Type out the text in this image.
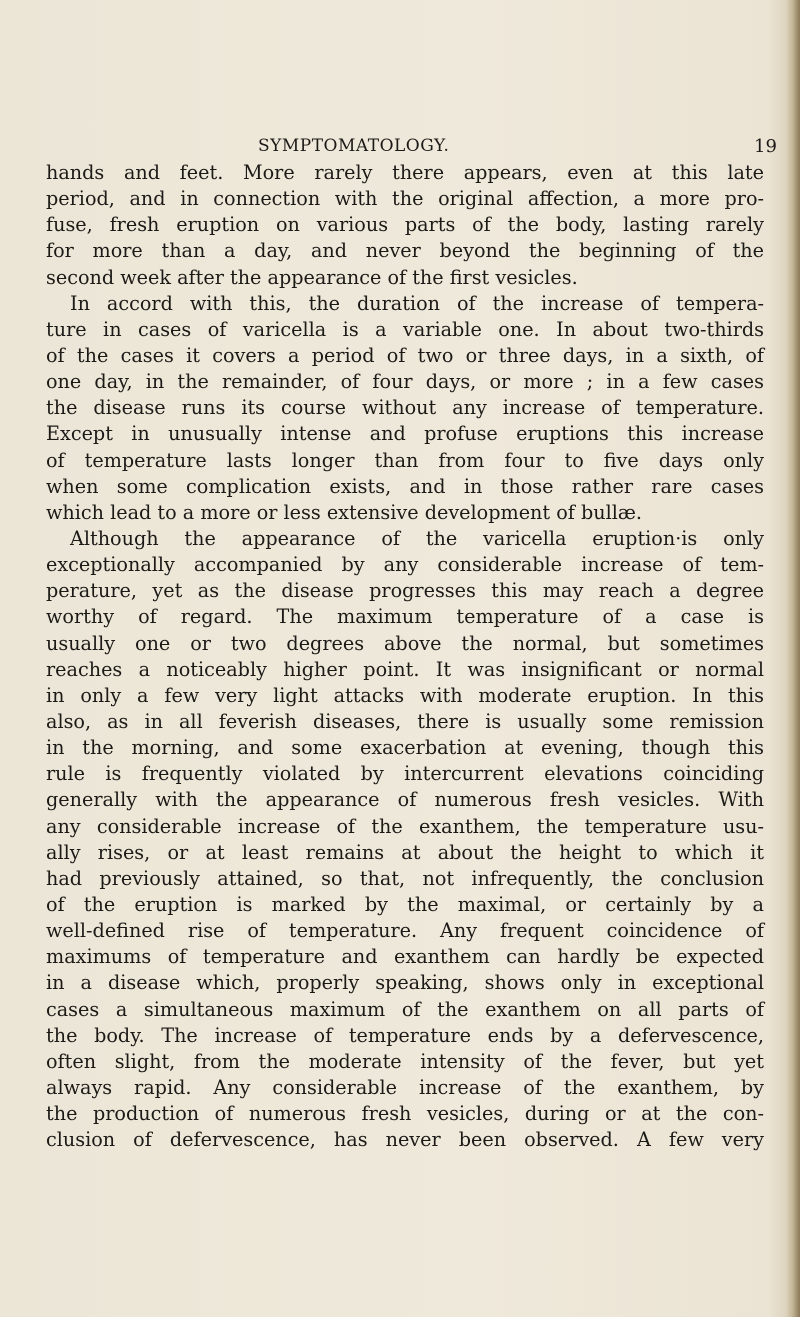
SYMPTOMATOLOGY.	19
hands and feet. More rarely there appears, even at this late
period, and in connection with the original affection, a more pro-
fuse, fresh eruption on various parts of the body, lasting rarely
for more than a day, and never beyond the beginning of the
second week after the appearance of the first vesicles.
In accord with this, the duration of the increase of tempera-
ture in cases of varicella is a variable one. In about two-thirds
of the cases it covers a period of two or three days, in a sixth, of
one day, in the remainder, of four days, or more ; in a few cases
the disease runs its course without any increase of temperature.
Except in unusually intense and profuse eruptions this increase
of temperature lasts longer than from four to five days only
when some complication exists, and in those rather rare cases
which lead to a more or less extensive development of bullæ.
Although the appearance of the varicella eruption·is only
exceptionally accompanied by any considerable increase of tem-
perature, yet as the disease progresses this may reach a degree
worthy of regard. The maximum temperature of a case is
usually one or two degrees above the normal, but sometimes
reaches a noticeably higher point. It was insignificant or normal
in only a few very light attacks with moderate eruption. In this
also, as in all feverish diseases, there is usually some remission
in the morning, and some exacerbation at evening, though this
rule is frequently violated by intercurrent elevations coinciding
generally with the appearance of numerous fresh vesicles. With
any considerable increase of the exanthem, the temperature usu-
ally rises, or at least remains at about the height to which it
had previously attained, so that, not infrequently, the conclusion
of the eruption is marked by the maximal, or certainly by a
well-defined rise of temperature. Any frequent coincidence of
maximums of temperature and exanthem can hardly be expected
in a disease which, properly speaking, shows only in exceptional
cases a simultaneous maximum of the exanthem on all parts of
the body. The increase of temperature ends by a defervescence,
often slight, from the moderate intensity of the fever, but yet
always rapid. Any considerable increase of the exanthem, by
the production of numerous fresh vesicles, during or at the con-
clusion of defervescence, has never been observed. A few very
